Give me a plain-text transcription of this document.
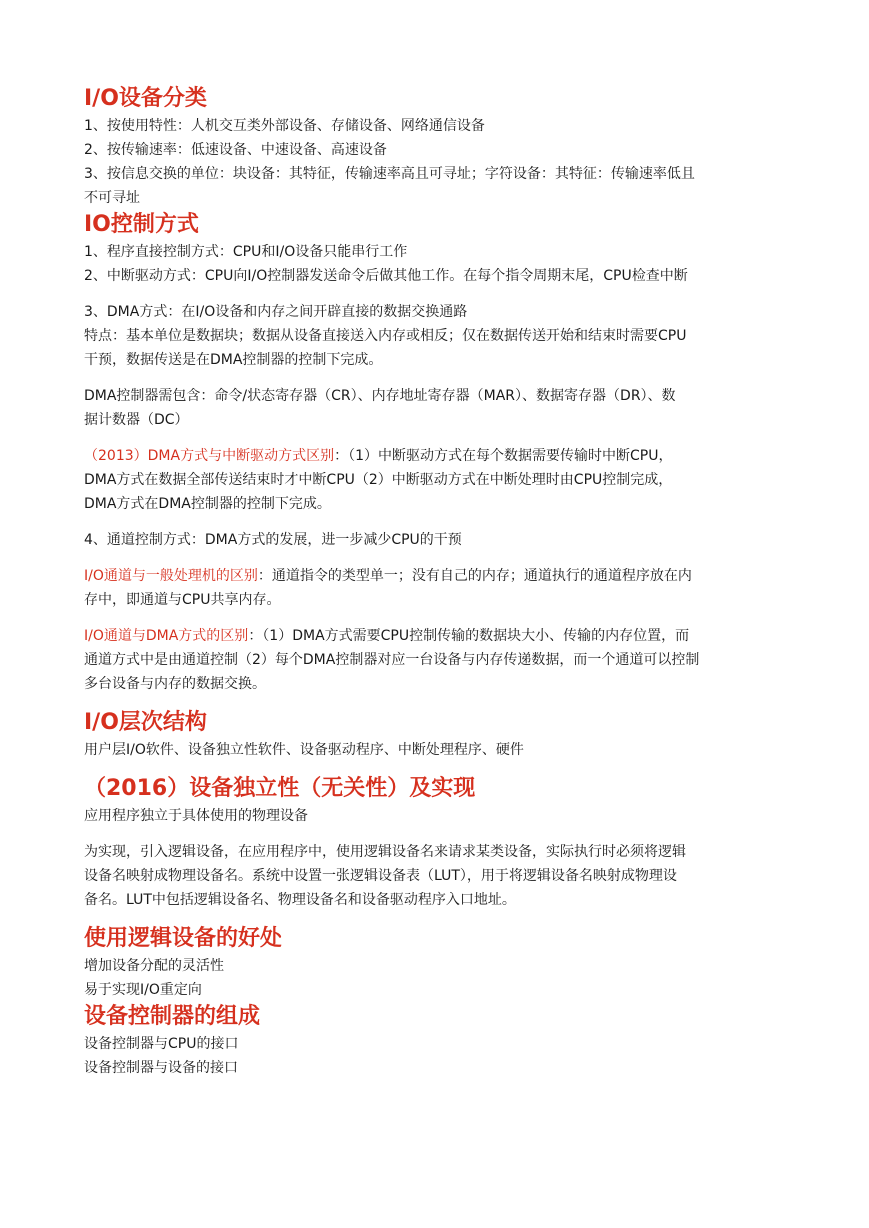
I/O设备分类

1、按使用特性：人机交互类外部设备、存储设备、网络通信设备

2、按传输速率：低速设备、中速设备、高速设备

3、按信息交换的单位：块设备：其特征，传输速率高且可寻址；字符设备：其特征：传输速率低且

不可寻址

IO控制方式

1、程序直接控制方式：CPU和I/O设备只能串行工作

2、中断驱动方式：CPU向I/O控制器发送命令后做其他工作。在每个指令周期末尾，CPU检查中断

3、DMA方式：在I/O设备和内存之间开辟直接的数据交换通路

特点：基本单位是数据块；数据从设备直接送入内存或相反；仅在数据传送开始和结束时需要CPU

干预，数据传送是在DMA控制器的控制下完成。

DMA控制器需包含：命令/状态寄存器（CR）、内存地址寄存器（MAR）、数据寄存器（DR）、数

据计数器（DC）

（2013）DMA方式与中断驱动方式区别：（1）中断驱动方式在每个数据需要传输时中断CPU，

DMA方式在数据全部传送结束时才中断CPU（2）中断驱动方式在中断处理时由CPU控制完成，

DMA方式在DMA控制器的控制下完成。

4、通道控制方式：DMA方式的发展，进一步减少CPU的干预

I/O通道与一般处理机的区别：通道指令的类型单一；没有自己的内存；通道执行的通道程序放在内

存中，即通道与CPU共享内存。

I/O通道与DMA方式的区别：（1）DMA方式需要CPU控制传输的数据块大小、传输的内存位置，而

通道方式中是由通道控制（2）每个DMA控制器对应一台设备与内存传递数据，而一个通道可以控制

多台设备与内存的数据交换。

I/O层次结构

用户层I/O软件、设备独立性软件、设备驱动程序、中断处理程序、硬件

（2016）设备独立性（无关性）及实现

应用程序独立于具体使用的物理设备

为实现，引入逻辑设备，在应用程序中，使用逻辑设备名来请求某类设备，实际执行时必须将逻辑

设备名映射成物理设备名。系统中设置一张逻辑设备表（LUT），用于将逻辑设备名映射成物理设

备名。LUT中包括逻辑设备名、物理设备名和设备驱动程序入口地址。

使用逻辑设备的好处

增加设备分配的灵活性

易于实现I/O重定向

设备控制器的组成

设备控制器与CPU的接口

设备控制器与设备的接口
